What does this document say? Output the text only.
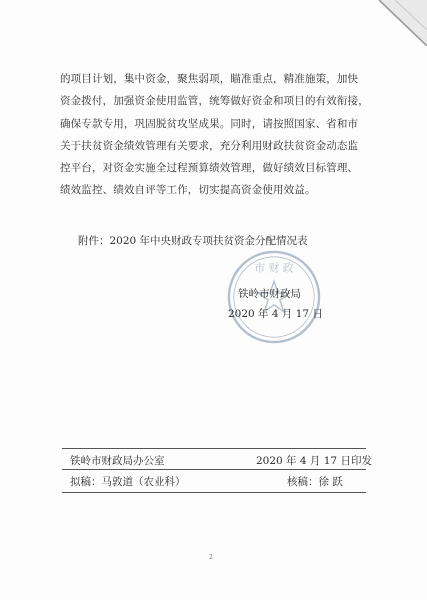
的项目计划，集中资金，聚焦弱项，瞄准重点，精准施策，加快
资金拨付，加强资金使用监管，统筹做好资金和项目的有效衔接，
确保专款专用，巩固脱贫攻坚成果。同时，请按照国家、省和市
关于扶贫资金绩效管理有关要求，充分利用财政扶贫资金动态监
控平台，对资金实施全过程预算绩效管理，做好绩效目标管理、
绩效监控、绩效自评等工作，切实提高资金使用效益。
附件：2020 年中央财政专项扶贫资金分配情况表
市 财 政
铁岭市财政局
2020 年 4 月 17 日
铁岭市财政局办公室	2020 年 4 月 17 日印发
拟稿：马敦道（农业科）	核稿：徐 跃
2
